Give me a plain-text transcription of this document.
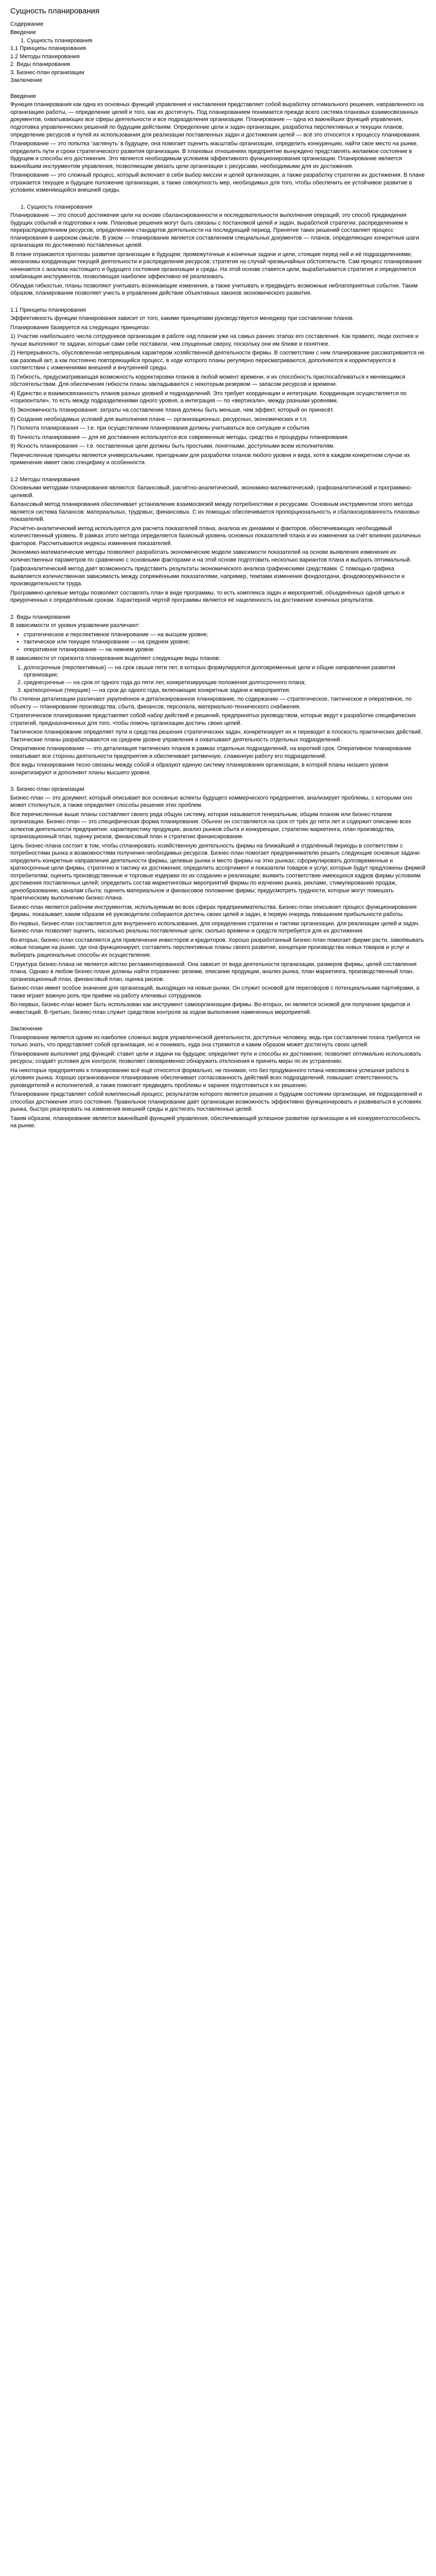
Сущность планирования
Содержание
Введение
1. Сущность планирования
1.1 Принципы планирования
1.2 Методы планирования
2. Виды планирования
3. Бизнес-план организации
Заключение
Введение

Функция планирования как одна из основных функций управления и наставления представляет собой выработку оптимального решения, направленного на организацию работы, — определение целей и того, как их достигнуть. Под планированием понимается прежде всего система плановых взаимосвязанных документов, охватывающих все сферы деятельности и все подразделения организации. Планирование — одна из важнейших функций управления, подготовка управленческих решений по будущим действиям. Определение цели и задач организации, разработка перспективных и текущих планов, определение ресурсов и путей их использования для реализации поставленных задач и достижения целей — всё это относится к процессу планирования.

Планирование — это попытка ‘заглянуть’ в будущее, она помогает оценить масштабы организации, определить конкуренцию, найти свое место на рынке, определить пути и сроки стратегического развития организации. В плановых отношениях предприятие вынуждено представлять желаемое состояние в будущем и способы его достижения. Это является необходимым условием эффективного функционирования организации. Планирование является важнейшим инструментом управления, позволяющим увязать цели организации с ресурсами, необходимыми для их достижения.

Планирование — это сложный процесс, который включает в себя выбор миссии и целей организации, а также разработку стратегии их достижения. В плане отражается текущее и будущее положение организации, а также совокупность мер, необходимых для того, чтобы обеспечить ее устойчивое развитие в условиях изменяющейся внешней среды.

1. Сущность планирования

Планирование — это способ достижения цели на основе сбалансированности и последовательности выполнения операций, это способ предвидения будущих событий и подготовки к ним. Плановые решения могут быть связаны с постановкой целей и задач, выработкой стратегии, распределением и перераспределением ресурсов, определением стандартов деятельности на последующий период. Принятие таких решений составляет процесс планирования в широком смысле. В узком — планирование является составлением специальных документов — планов, определяющих конкретные шаги организации по достижению поставленных целей.

В плане отражаются прогнозы развития организации в будущем; промежуточные и конечные задачи и цели, стоящие перед ней и её подразделениями; механизмы координации текущей деятельности и распределения ресурсов; стратегия на случай чрезвычайных обстоятельств. Сам процесс планирования начинается с анализа настоящего и будущего состояния организации и среды. На этой основе ставятся цели, вырабатывается стратегия и определяется комбинация инструментов, позволяющая наиболее эффективно её реализовать.

Обладая гибкостью, планы позволяют учитывать возникающие изменения, а также учитывать и предвидеть возможные неблагоприятные события. Таким образом, планирование позволяет учесть в управлении действие объективных законов экономического развития.

1.1 Принципы планирования

Эффективность функции планирования зависит от того, какими принципами руководствуется менеджер при составлении планов.

Планирование базируется на следующих принципах:

1) Участие наибольшего числа сотрудников организации в работе над планом уже на самых ранних этапах его составления. Как правило, люди охотнее и лучше выполняют те задачи, которые сами себе поставили, чем спущенные сверху, поскольку они им ближе и понятнее.

2) Непрерывность, обусловленная непрерывным характером хозяйственной деятельности фирмы. В соответствии с ним планирование рассматривается не как разовый акт, а как постоянно повторяющийся процесс, в ходе которого планы регулярно пересматриваются, дополняются и корректируются в соответствии с изменениями внешней и внутренней среды.

3) Гибкость, предусматривающая возможность корректировки планов в любой момент времени, и их способность приспосабливаться к меняющимся обстоятельствам. Для обеспечения гибкости планы закладываются с некоторым резервом — запасом ресурсов и времени.

4) Единство и взаимосвязанность планов разных уровней и подразделений. Это требует координации и интеграции. Координация осуществляется по «горизонтали», то есть между подразделениями одного уровня, а интеграция — по «вертикали», между разными уровнями.

5) Экономичность планирования: затраты на составление плана должны быть меньше, чем эффект, который он принесёт.

6) Создание необходимых условий для выполнения плана — организационных, ресурсных, экономических и т.п.

7) Полнота планирования — т.е. при осуществлении планирования должны учитываться все ситуации и события.

8) Точность планирования — для её достижения используются все современные методы, средства и процедуры планирования.

9) Ясность планирования — т.е. поставленные цели должны быть простыми, понятными, доступными всем исполнителям.

Перечисленные принципы являются универсальными, пригодными для разработки планов любого уровня и вида, хотя в каждом конкретном случае их применение имеет свою специфику и особенности.

1.2 Методы планирования

Основными методами планирования являются: балансовый, расчётно-аналитический, экономико-математический, графоаналитический и программно-целевой.

Балансовый метод планирования обеспечивает установление взаимосвязей между потребностями и ресурсами. Основным инструментом этого метода является система балансов: материальных, трудовых, финансовых. С их помощью обеспечивается пропорциональность и сбалансированность плановых показателей.

Расчётно-аналитический метод используется для расчета показателей плана, анализа их динамики и факторов, обеспечивающих необходимый количественный уровень. В рамках этого метода определяется базисный уровень основных показателей плана и их изменения за счёт влияния различных факторов. Рассчитываются индексы изменения показателей.

Экономико-математические методы позволяют разработать экономические модели зависимости показателей на основе выявления изменения их количественных параметров по сравнению с основными факторами и на этой основе подготовить несколько вариантов плана и выбрать оптимальный.

Графоаналитический метод даёт возможность представить результаты экономического анализа графическими средствами. С помощью графика выявляется количественная зависимость между сопряжёнными показателями, например, темпами изменения фондоотдачи, фондовооружённости и производительности труда.

Программно-целевые методы позволяют составлять план в виде программы, то есть комплекса задач и мероприятий, объединённых одной целью и приуроченных к определённым срокам. Характерной чертой программы является её нацеленность на достижение конечных результатов.

2. Виды планирования

В зависимости от уровня управления различают:

• стратегическое и перспективное планирование — на высшем уровне;
• тактическое или текущее планирование — на среднем уровне;
• оперативное планирование — на нижнем уровне.

В зависимости от горизонта планирования выделяют следующие виды планов:

1. долгосрочные (перспективные) — на срок свыше пяти лет, в которых формулируются долговременные цели и общие направления развития организации;
2. среднесрочные — на срок от одного года до пяти лет, конкретизирующие положения долгосрочного плана;
3. краткосрочные (текущие) — на срок до одного года, включающие конкретные задачи и мероприятия.

По степени детализации различают укрупнённое и детализированное планирование, по содержанию — стратегическое, тактическое и оперативное, по объекту — планирование производства, сбыта, финансов, персонала, материально-технического снабжения.

Стратегическое планирование представляет собой набор действий и решений, предпринятых руководством, которые ведут к разработке специфических стратегий, предназначенных для того, чтобы помочь организации достичь своих целей.

Тактическое планирование определяет пути и средства решения стратегических задач, конкретизирует их и переводит в плоскость практических действий. Тактические планы разрабатываются на среднем уровне управления и охватывают деятельность отдельных подразделений.

Оперативное планирование — это детализация тактических планов в рамках отдельных подразделений, на короткий срок. Оперативное планирование охватывает все стороны деятельности предприятия и обеспечивает ритмичную, слаженную работу его подразделений.

Все виды планирования тесно связаны между собой и образуют единую систему планирования организации, в которой планы низшего уровня конкретизируют и дополняют планы высшего уровня.

3. Бизнес-план организации

Бизнес-план — это документ, который описывает все основные аспекты будущего коммерческого предприятия, анализирует проблемы, с которыми оно может столкнуться, а также определяет способы решения этих проблем.

Все перечисленные выше планы составляют своего рода общую систему, которая называется генеральным, общим планом или бизнес-планом организации. Бизнес-план — это специфическая форма планирования. Обычно он составляется на срок от трёх до пяти лет и содержит описание всех аспектов деятельности предприятия: характеристику продукции, анализ рынков сбыта и конкуренции, стратегию маркетинга, план производства, организационный план, оценку рисков, финансовый план и стратегию финансирования.

Цель бизнес-плана состоит в том, чтобы спланировать хозяйственную деятельность фирмы на ближайший и отдалённый периоды в соответствии с потребностями рынка и возможностями получения необходимых ресурсов. Бизнес-план помогает предпринимателю решить следующие основные задачи: определить конкретные направления деятельности фирмы, целевые рынки и место фирмы на этих рынках; сформулировать долговременные и краткосрочные цели фирмы, стратегию и тактику их достижения; определить ассортимент и показатели товаров и услуг, которые будут предложены фирмой потребителям; оценить производственные и торговые издержки по их созданию и реализации; выявить соответствие имеющихся кадров фирмы условиям достижения поставленных целей; определить состав маркетинговых мероприятий фирмы по изучению рынка, рекламе, стимулированию продаж, ценообразованию, каналам сбыта; оценить материальное и финансовое положение фирмы; предусмотреть трудности, которые могут помешать практическому выполнению бизнес-плана.

Бизнес-план является рабочим инструментом, используемым во всех сферах предпринимательства. Бизнес-план описывает процесс функционирования фирмы, показывает, каким образом её руководители собираются достичь своих целей и задач, в первую очередь повышения прибыльности работы.

Во-первых, бизнес-план составляется для внутреннего использования, для определения стратегии и тактики организации, для реализации целей и задач. Бизнес-план позволяет оценить, насколько реальны поставленные цели, сколько времени и средств потребуется для их достижения.

Во-вторых, бизнес-план составляется для привлечения инвесторов и кредиторов. Хорошо разработанный бизнес-план помогает фирме расти, завоёвывать новые позиции на рынке, где она функционирует, составлять перспективные планы своего развития, концепции производства новых товаров и услуг и выбирать рациональные способы их осуществления.

Структура бизнес-плана не является жёстко регламентированной. Она зависит от вида деятельности организации, размеров фирмы, целей составления плана. Однако в любом бизнес-плане должны найти отражение: резюме, описание продукции, анализ рынка, план маркетинга, производственный план, организационный план, финансовый план, оценка рисков.

Бизнес-план имеет особое значение для организаций, выходящих на новые рынки. Он служит основой для переговоров с потенциальными партнёрами, а также играет важную роль при приёме на работу ключевых сотрудников.

Во-первых, бизнес-план может быть использован как инструмент самоорганизации фирмы. Во-вторых, он является основой для получения кредитов и инвестиций. В-третьих, бизнес-план служит средством контроля за ходом выполнения намеченных мероприятий.

Заключение

Планирование является одним из наиболее сложных видов управленческой деятельности, доступных человеку, ведь при составлении плана требуется не только знать, что представляет собой организация, но и понимать, куда она стремится и каким образом может достигнуть своих целей.

Планирование выполняет ряд функций: ставит цели и задачи на будущее; определяет пути и способы их достижения; позволяет оптимально использовать ресурсы; создаёт условия для контроля; позволяет своевременно обнаружить отклонения и принять меры по их устранению.

На некоторых предприятиях к планированию всё ещё относятся формально, не понимая, что без продуманного плана невозможна успешная работа в условиях рынка. Хорошо организованное планирование обеспечивает согласованность действий всех подразделений, повышает ответственность руководителей и исполнителей, а также помогает предвидеть проблемы и заранее подготовиться к их решению.

Планирование представляет собой комплексный процесс, результатом которого является решение о будущем состоянии организации, её подразделений и способах достижения этого состояния. Правильное планирование даёт организации возможность эффективно функционировать и развиваться в условиях рынка, быстро реагировать на изменения внешней среды и достигать поставленных целей.

Таким образом, планирование является важнейшей функцией управления, обеспечивающей успешное развитие организации и её конкурентоспособность на рынке.
